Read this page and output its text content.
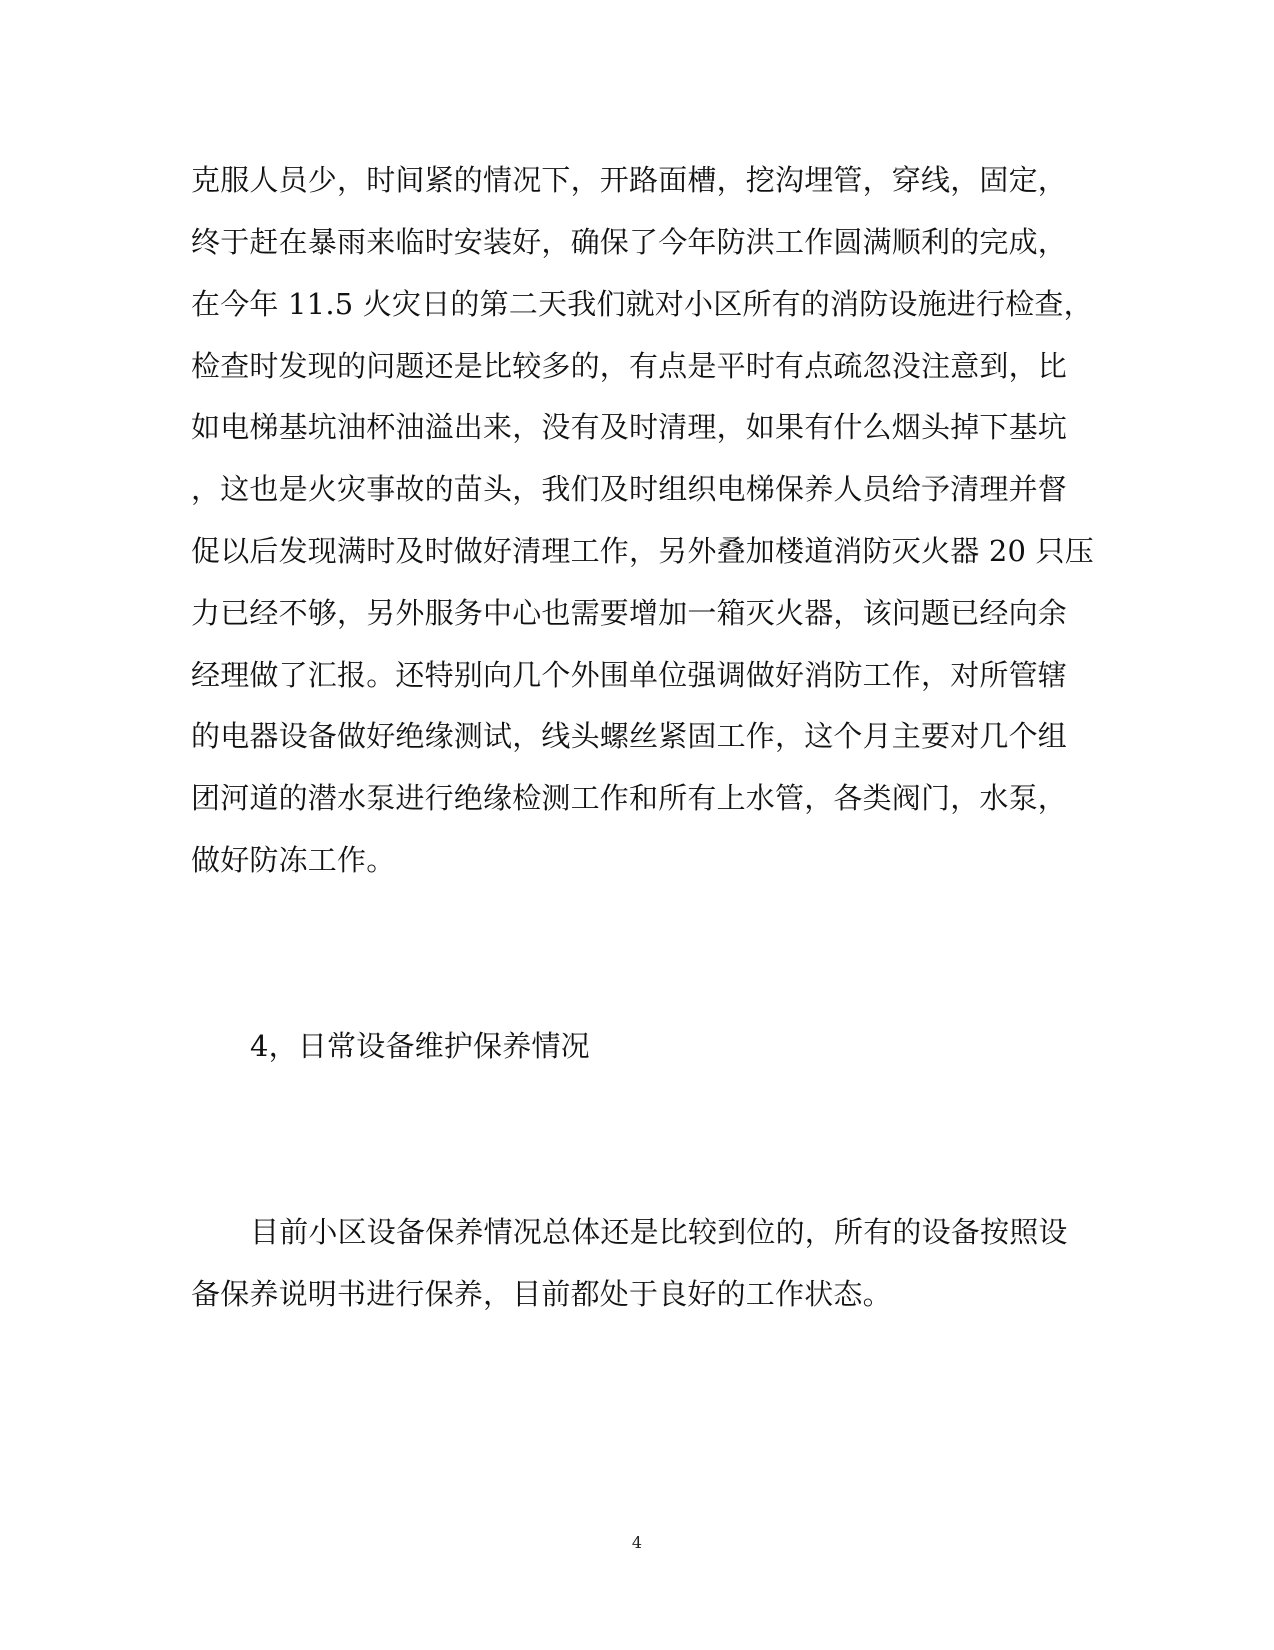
克服人员少，时间紧的情况下，开路面槽，挖沟埋管，穿线，固定，
终于赶在暴雨来临时安装好，确保了今年防洪工作圆满顺利的完成，
在今年 11.5 火灾日的第二天我们就对小区所有的消防设施进行检查，
检查时发现的问题还是比较多的，有点是平时有点疏忽没注意到，比
如电梯基坑油杯油溢出来，没有及时清理，如果有什么烟头掉下基坑
，这也是火灾事故的苗头，我们及时组织电梯保养人员给予清理并督
促以后发现满时及时做好清理工作，另外叠加楼道消防灭火器 20 只压
力已经不够，另外服务中心也需要增加一箱灭火器，该问题已经向余
经理做了汇报。还特别向几个外围单位强调做好消防工作，对所管辖
的电器设备做好绝缘测试，线头螺丝紧固工作，这个月主要对几个组
团河道的潜水泵进行绝缘检测工作和所有上水管，各类阀门，水泵，
做好防冻工作。
4，日常设备维护保养情况
目前小区设备保养情况总体还是比较到位的，所有的设备按照设
备保养说明书进行保养，目前都处于良好的工作状态。
4
